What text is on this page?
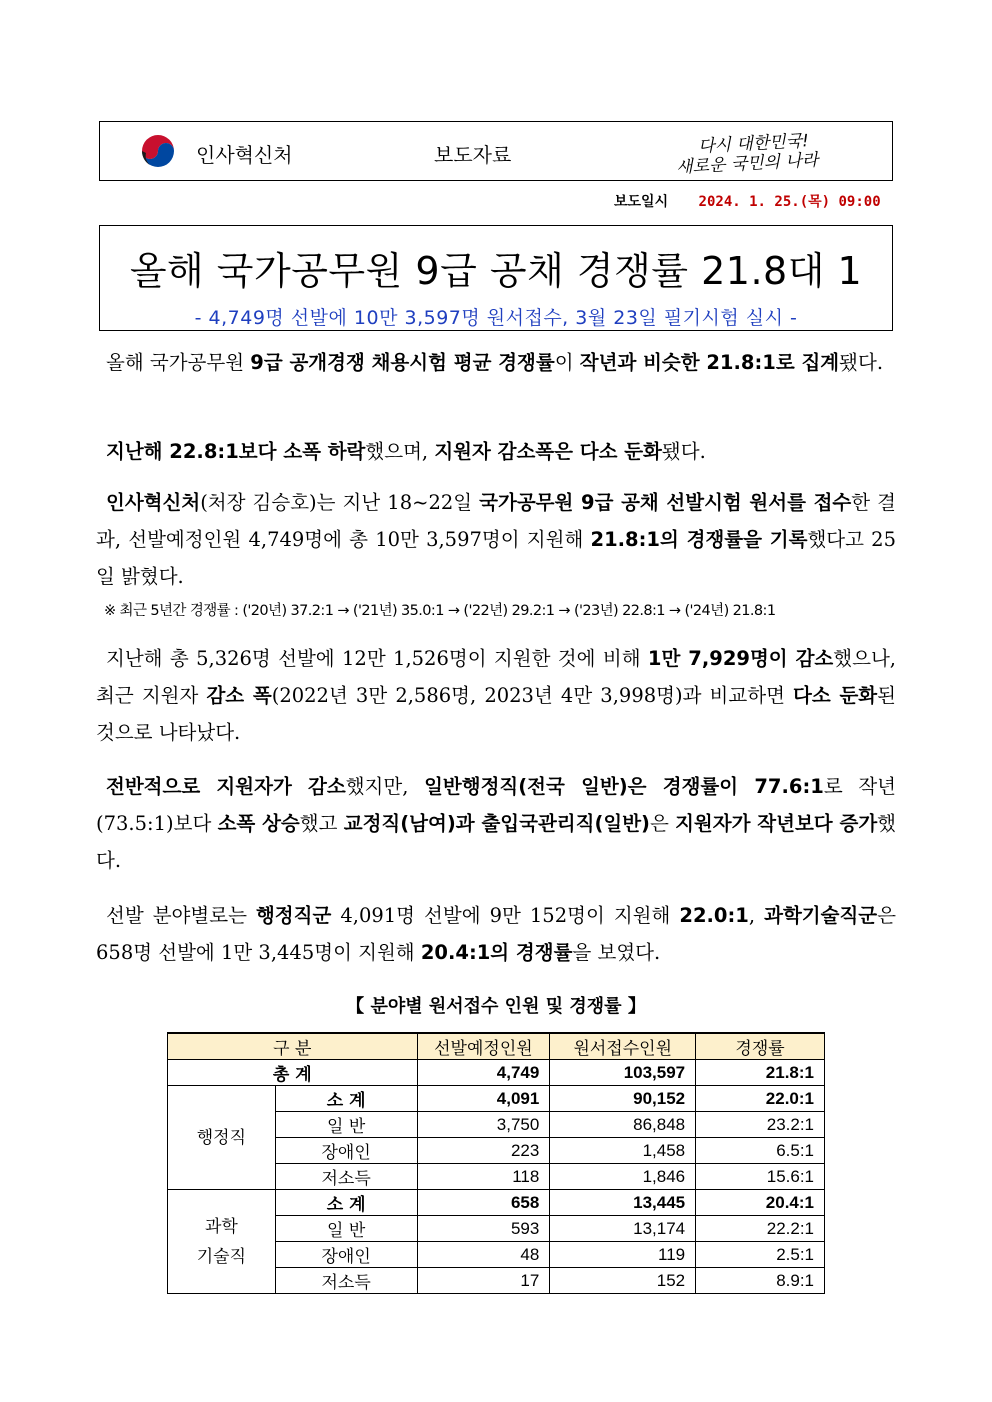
인사혁신처	보도자료	다시 대한민국!
새로운 국민의 나라
보도일시 2024. 1. 25.(목) 09:00
올해 국가공무원 9급 공채 경쟁률 21.8대 1
- 4,749명 선발에 10만 3,597명 원서접수, 3월 23일 필기시험 실시 -
올해 국가공무원 9급 공개경쟁 채용시험 평균 경쟁률이 작년과 비슷한 21.8:1로 집계됐다.
지난해 22.8:1보다 소폭 하락했으며, 지원자 감소폭은 다소 둔화됐다.
인사혁신처(처장 김승호)는 지난 18~22일 국가공무원 9급 공채 선발시험 원서를 접수한 결과, 선발예정인원 4,749명에 총 10만 3,597명이 지원해 21.8:1의 경쟁률을 기록했다고 25일 밝혔다.
※ 최근 5년간 경쟁률 : ('20년) 37.2:1 → ('21년) 35.0:1 → ('22년) 29.2:1 → ('23년) 22.8:1 → ('24년) 21.8:1
지난해 총 5,326명 선발에 12만 1,526명이 지원한 것에 비해 1만 7,929명이 감소했으나, 최근 지원자 감소 폭(2022년 3만 2,586명, 2023년 4만 3,998명)과 비교하면 다소 둔화된 것으로 나타났다.
전반적으로 지원자가 감소했지만, 일반행정직(전국 일반)은 경쟁률이 77.6:1로 작년(73.5:1)보다 소폭 상승했고 교정직(남여)과 출입국관리직(일반)은 지원자가 작년보다 증가했다.
선발 분야별로는 행정직군 4,091명 선발에 9만 152명이 지원해 22.0:1, 과학기술직군은 658명 선발에 1만 3,445명이 지원해 20.4:1의 경쟁률을 보였다.
【 분야별 원서접수 인원 및 경쟁률 】
구 분		선발예정인원	원서접수인원	경쟁률
총 계		4,749	103,597	21.8:1
행정직	소 계	4,091	90,152	22.0:1
	일 반	3,750	86,848	23.2:1
	장애인	223	1,458	6.5:1
	저소득	118	1,846	15.6:1

과학
기술직	소 계	658	13,445	20.4:1
	일 반	593	13,174	22.2:1
	장애인	48	119	2.5:1
	저소득	17	152	8.9:1
